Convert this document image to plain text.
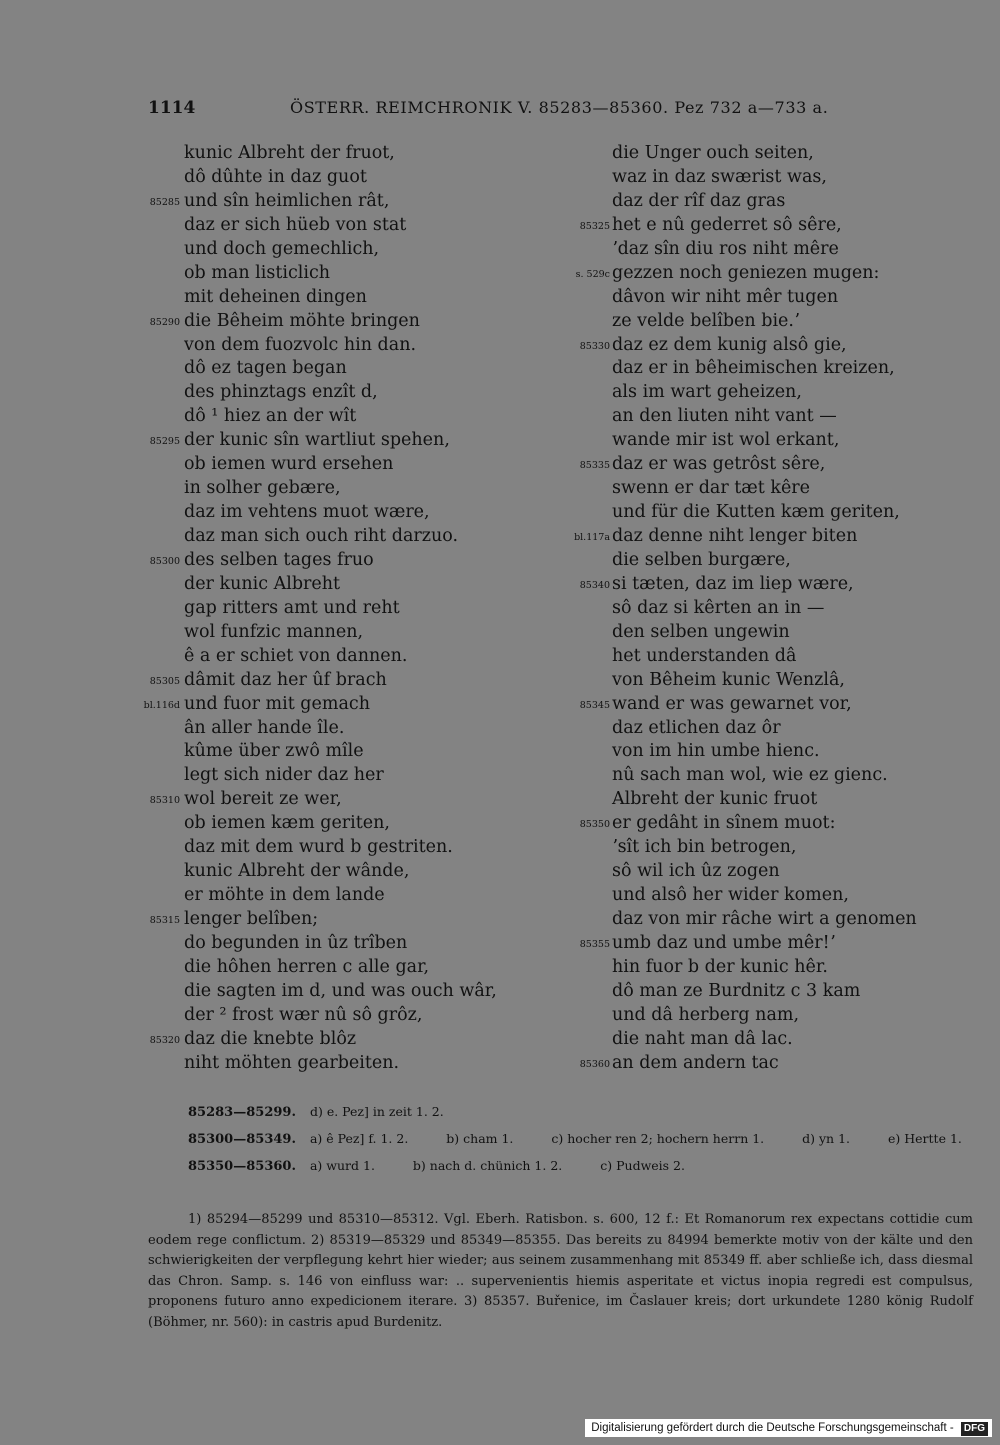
1114	ÖSTERR. REIMCHRONIK V. 85283—85360. Pez 732 a—733 a.
kunic Albreht der fruot,
dô dûhte in daz guot
85285 und sîn heimlichen rât,
daz er sich hüeb von stat
und doch gemechlich,
ob man listiclich
mit deheinen dingen
85290 die Bêheim möhte bringen
von dem fuozvolc hin dan.
dô ez tagen began
des phinztags enzît d,
dô ¹ hiez an der wît
85295 der kunic sîn wartliut spehen,
ob iemen wurd ersehen
in solher gebære,
daz im vehtens muot wære,
daz man sich ouch riht darzuo.
85300 des selben tages fruo
der kunic Albreht
gap ritters amt und reht
wol funfzic mannen,
ê a er schiet von dannen.
85305 dâmit daz her ûf brach
bl.116d und fuor mit gemach
ân aller hande île.
kûme über zwô mîle
legt sich nider daz her
85310 wol bereit ze wer,
ob iemen kæm geriten,
daz mit dem wurd b gestriten.
kunic Albreht der wânde,
er möhte in dem lande
85315 lenger belîben;
do begunden in ûz trîben
die hôhen herren c alle gar,
die sagten im d, und was ouch wâr,
der ² frost wær nû sô grôz,
85320 daz die knebte blôz
niht möhten gearbeiten.
die Unger ouch seiten,
waz in daz swærist was,
daz der rîf daz gras
85325 het e nû gederret sô sêre,
ʼdaz sîn diu ros niht mêre
s. 529c gezzen noch geniezen mugen:
dâvon wir niht mêr tugen
ze velde belîben bie.ʼ
85330 daz ez dem kunig alsô gie,
daz er in bêheimischen kreizen,
als im wart geheizen,
an den liuten niht vant —
wande mir ist wol erkant,
85335 daz er was getrôst sêre,
swenn er dar tæt kêre
und für die Kutten kæm geriten,
bl.117a daz denne niht lenger biten
die selben burgære,
85340 si tæten, daz im liep wære,
sô daz si kêrten an in —
den selben ungewin
het understanden dâ
von Bêheim kunic Wenzlâ,
85345 wand er was gewarnet vor,
daz etlichen daz ôr
von im hin umbe hienc.
nû sach man wol, wie ez gienc.
Albreht der kunic fruot
85350 er gedâht in sînem muot:
ʼsît ich bin betrogen,
sô wil ich ûz zogen
und alsô her wider komen,
daz von mir râche wirt a genomen
85355 umb daz und umbe mêr!ʼ
hin fuor b der kunic hêr.
dô man ze Burdnitz c 3 kam
und dâ herberg nam,
die naht man dâ lac.
85360 an dem andern tac
85283—85299. d) e. Pez] in zeit 1. 2.
85300—85349. a) ê Pez] f. 1. 2.	b) cham 1.	c) hocher ren 2; hochern herrn 1.	d) yn 1.	e) Hertte 1.
85350—85360. a) wurd 1.	b) nach d. chünich 1. 2.	c) Pudweis 2.

1) 85294—85299 und 85310—85312. Vgl. Eberh. Ratisbon. s. 600, 12 f.: Et Romanorum rex expectans cottidie cum eodem rege conflictum. 2) 85319—85329 und 85349—85355. Das bereits zu 84994 bemerkte motiv von der kälte und den schwierigkeiten der verpflegung kehrt hier wieder; aus seinem zusammenhang mit 85349 ff. aber schließe ich, dass diesmal das Chron. Samp. s. 146 von einfluss war: .. supervenientis hiemis asperitate et victus inopia regredi est compulsus, proponens futuro anno expedicionem iterare. 3) 85357. Buřenice, im Časlauer kreis; dort urkundete 1280 könig Rudolf (Böhmer, nr. 560): in castris apud Burdenitz.

Digitalisierung gefördert durch die Deutsche Forschungsgemeinschaft - DFG
